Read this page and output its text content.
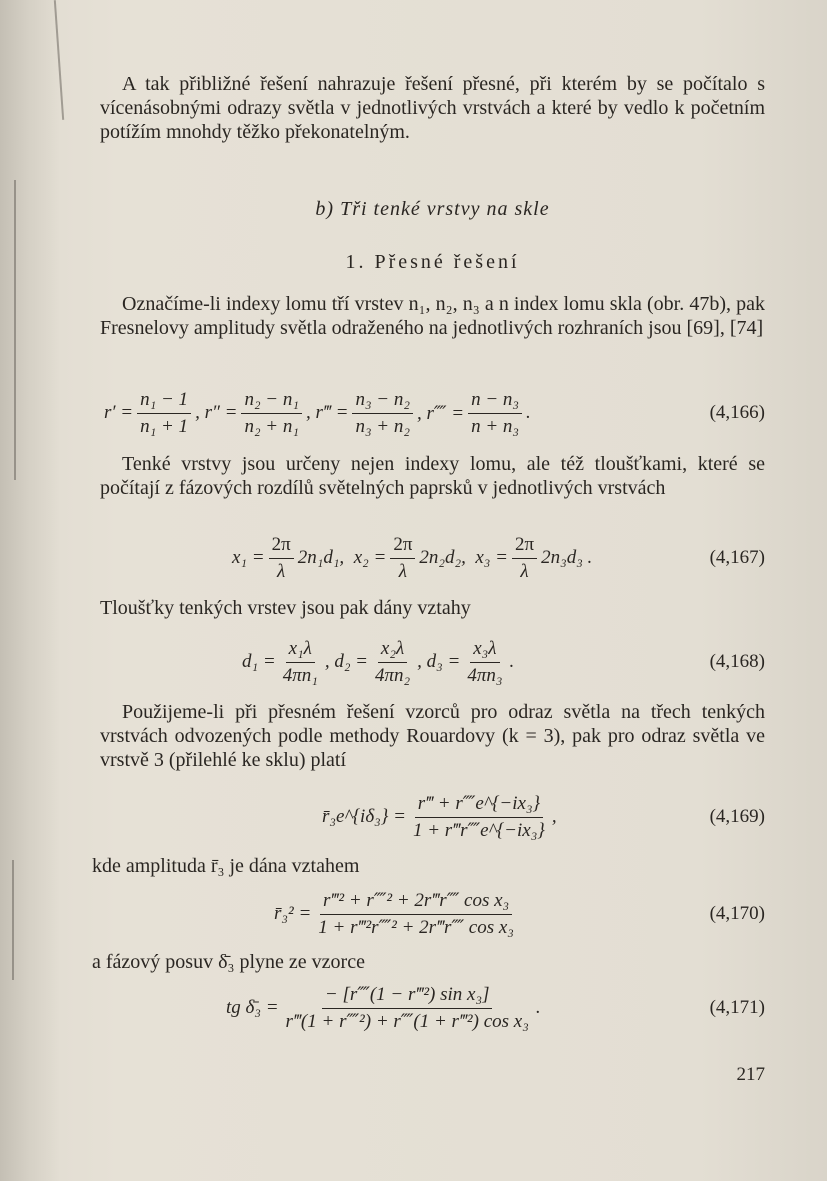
A tak přibližné řešení nahrazuje řešení přesné, při kterém by se počítalo s vícenásobnými odrazy světla v jednotlivých vrstvách a které by vedlo k početním potížím mnohdy těžko překonatelným.

b) Tři tenké vrstvy na skle
1. Přesné řešení

Označíme-li indexy lomu tří vrstev n₁, n₂, n₃ a n index lomu skla (obr. 47b), pak Fresnelovy amplitudy světla odraženého na jednotlivých rozhraních jsou [69], [74]

$r' = \frac{\text{n₁ − 1}}{\text{n₁ + 1}}$ , $r'' = \frac{\text{n₂ − n₁}}{\text{n₂ + n₁}}$ , r‴ = $\frac{\text{n₃ − n₂}}{\text{n₃ + n₂}}$ , r⁗ = $\frac{\text{n − n₃}}{\text{n + n₃}}$ .	(4,166)

Tenké vrstvy jsou určeny nejen indexy lomu, ale též tloušťkami, které se počítají z fázových rozdílů světelných paprsků v jednotlivých vrstvách

$x_1 = \frac{2\pi}{\lambda} 2n_1d_1$,
$x_2 = \frac{2\pi}{\lambda} 2n_2d_2$,
$x_3 = \frac{2\pi}{\lambda} 2n_3d_3$ .	(4,167)

Tloušťky tenkých vrstev jsou pak dány vztahy

$d_1 = \frac{\text{x₁λ}}{\text{4πn₁}}$ , $d_2 = \frac{\text{x₂λ}}{\text{4πn₂}}$ , $d_3 = \frac{\text{x₃λ}}{\text{4πn₃}}$ .	(4,168)

Použijeme-li při přesném řešení vzorců pro odraz světla na třech tenkých vrstvách odvozených podle methody Rouardovy (k = 3), pak pro odraz světla ve vrstvě 3 (přilehlé ke sklu) platí

r̄₃e^{iδ₃} = $\frac{\text{r‴ + r⁗e\textasciicircum{}\{−ix₃\}}}{\text{1 + r‴r⁗e\textasciicircum{}\{−ix₃\}}}$ ,	(4,169)

kde amplituda r̄₃ je dána vztahem

r̄₃² = $\frac{\text{r‴² + r⁗² + 2r‴r⁗ cos x₃}}{\text{1 + r‴²r⁗² + 2r‴r⁗ cos x₃}}$	(4,170)

a fázový posuv δ̄₃ plyne ze vzorce

tg δ̄₃ = $\frac{\text{− [r⁗(1 − r‴²) sin x₃]}}{\text{r‴(1 + r⁗²) + r⁗(1 + r‴²) cos x₃}}$ .	(4,171)
217
